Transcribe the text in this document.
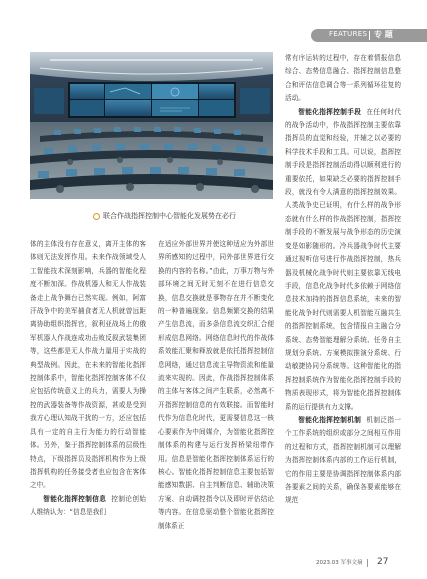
FEATURES 专 题
联合作战指挥控制中心智能化发展势在必行

体的主体没有存在意义，离开主体的客体则无法发挥作用。未来作战领域受人工智能技术深刻影响，兵器的智能化程度不断加深。作战机器人和无人作战装备走上战争舞台已然实现。例如，阿富汗战争中的美军捕食者无人机就曾远距离协助组织指挥官，叙利亚战场上的俄军机器人作战连成功击败反叙武装集团等，这些都是无人作战力量用于实战的典型战例。因此，在未来的智能化指挥控制体系中，智能化指挥控制客体不仅应包括传统意义上的兵力，需要人为操控的武器装备等作战资源，甚或是受到我方心理认知战干扰的一方，还应包括具有一定的自主行为能力的行动智能体。另外，鉴于指挥控制体系的层级性特点，下级指挥员及指挥机构作为上级指挥机构的任务接受者也应包含在客体之中。

智能化指挥控制信息 控制论创始人维纳认为：“信息是我们

在适应外部世界并使这种适应为外部世界所感知的过程中，同外部世界进行交换的内容的名称。”由此，万事万物与外部环境之间无时无刻不在进行信息交换，信息交换就是事物存在并不断变化的一种普遍现象。信息频繁交换的结果产生信息流，而多条信息流交织汇合便形成信息网络。网络信息时代的作战体系效能汇聚和释放就是依托指挥控制信息网络，通过信息流主导物资流和能量流来实现的。因此，作战指挥控制体系的主体与客体之间产生联系，必然离不开指挥控制信息的有效联接。而智能时代作为信息化时代，更需要信息这一核心要素作为中间媒介，为智能化指挥控制体系的构建与运行发挥桥梁纽带作用。信息是智能化指挥控制体系运行的核心。智能化指挥控制信息主要包括智能感知数据、自主判断信息、辅助决策方案、自动调控指令以及即时评估结论等内容。在信息驱动整个智能化指挥控制体系正

常有序运转的过程中，存在着情报信息综合、态势信息融合、指挥控制信息整合和评估信息调合等一系列循环往复的活动。

智能化指挥控制手段 在任何时代的战争活动中，作战指挥控制主要依靠指挥员的直觉和经验，并辅之以必要的科学技术手段和工具。可以说，指挥控制手段是指挥控制活动得以顺利进行的重要依托，如果缺乏必要的指挥控制手段，就没有令人满意的指挥控制效果。人类战争史已证明，有什么样的战争形态就有什么样的作战指挥控制，指挥控制手段的不断发展与战争形态的历史演变是如影随形的。冷兵器战争时代主要通过视听信号进行作战指挥控制，热兵器及机械化战争时代则主要依靠无线电手段，信息化战争时代多依赖于网络信息技术加持的指挥信息系统，未来的智能化战争时代则需要人机智能互融共生的指挥控制系统，包含情报自主融合分系统、态势智能理解分系统、任务自主规划分系统、方案模拟推演分系统、行动敏捷协同分系统等。这种智能化的指挥控制系统作为智能化指挥控制手段的物质表现形式，将为智能化指挥控制体系的运行提供有力支撑。

智能化指挥控制机制 机制泛指一个工作系统的组织或部分之间相互作用的过程和方式，指挥控制机制可以理解为指挥控制体系内部的工作运行机制，它的作用主要是协调指挥控制体系内部各要素之间的关系，确保各要素能够在规范

2023.03 军事文摘 27
